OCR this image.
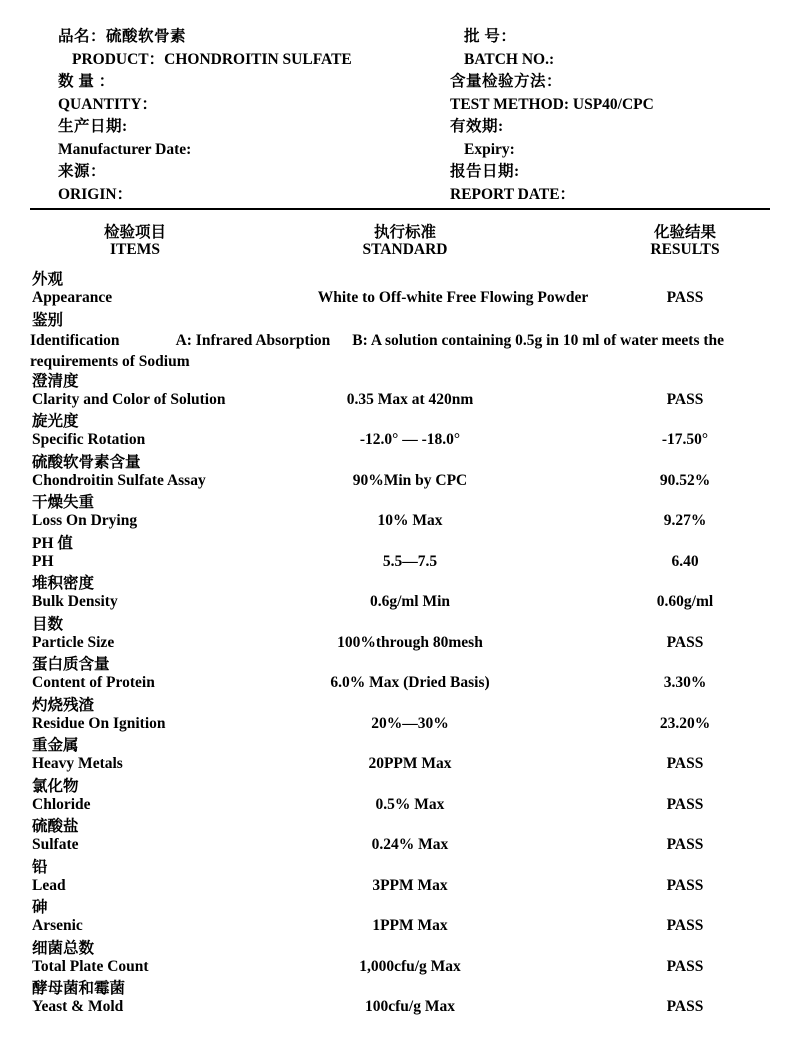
品名：硫酸软骨素
PRODUCT：CHONDROITIN SULFATE
数 量 ：
QUANTITY：
生产日期:
Manufacturer Date:
来源：
ORIGIN：
批 号：
BATCH NO.:
含量检验方法：
TEST METHOD: USP40/CPC
有效期:
Expiry:
报告日期:
REPORT DATE：
检验项目
ITEMS
执行标准
STANDARD
化验结果
RESULTS
外观
Appearance	White to Off-white Free Flowing Powder	PASS
鉴别
Identification	A: Infrared Absorption B: A solution containing 0.5g in 10 ml of water meets the
requirements of Sodium
澄清度
Clarity and Color of Solution	0.35 Max at 420nm	PASS
旋光度
Specific Rotation	-12.0° — -18.0°	-17.50°
硫酸软骨素含量
Chondroitin Sulfate Assay	90%Min by CPC	90.52%
干燥失重
Loss On Drying	10% Max	9.27%
PH 值
PH	5.5—7.5	6.40
堆积密度
Bulk Density	0.6g/ml Min	0.60g/ml
目数
Particle Size	100%through 80mesh	PASS
蛋白质含量
Content of Protein	6.0% Max (Dried Basis)	3.30%
灼烧残渣
Residue On Ignition	20%—30%	23.20%
重金属
Heavy Metals	20PPM Max	PASS
氯化物
Chloride	0.5% Max	PASS
硫酸盐
Sulfate	0.24% Max	PASS
铅
Lead	3PPM Max	PASS
砷
Arsenic	1PPM Max	PASS
细菌总数
Total Plate Count	1,000cfu/g Max	PASS
酵母菌和霉菌
Yeast & Mold	100cfu/g Max	PASS
